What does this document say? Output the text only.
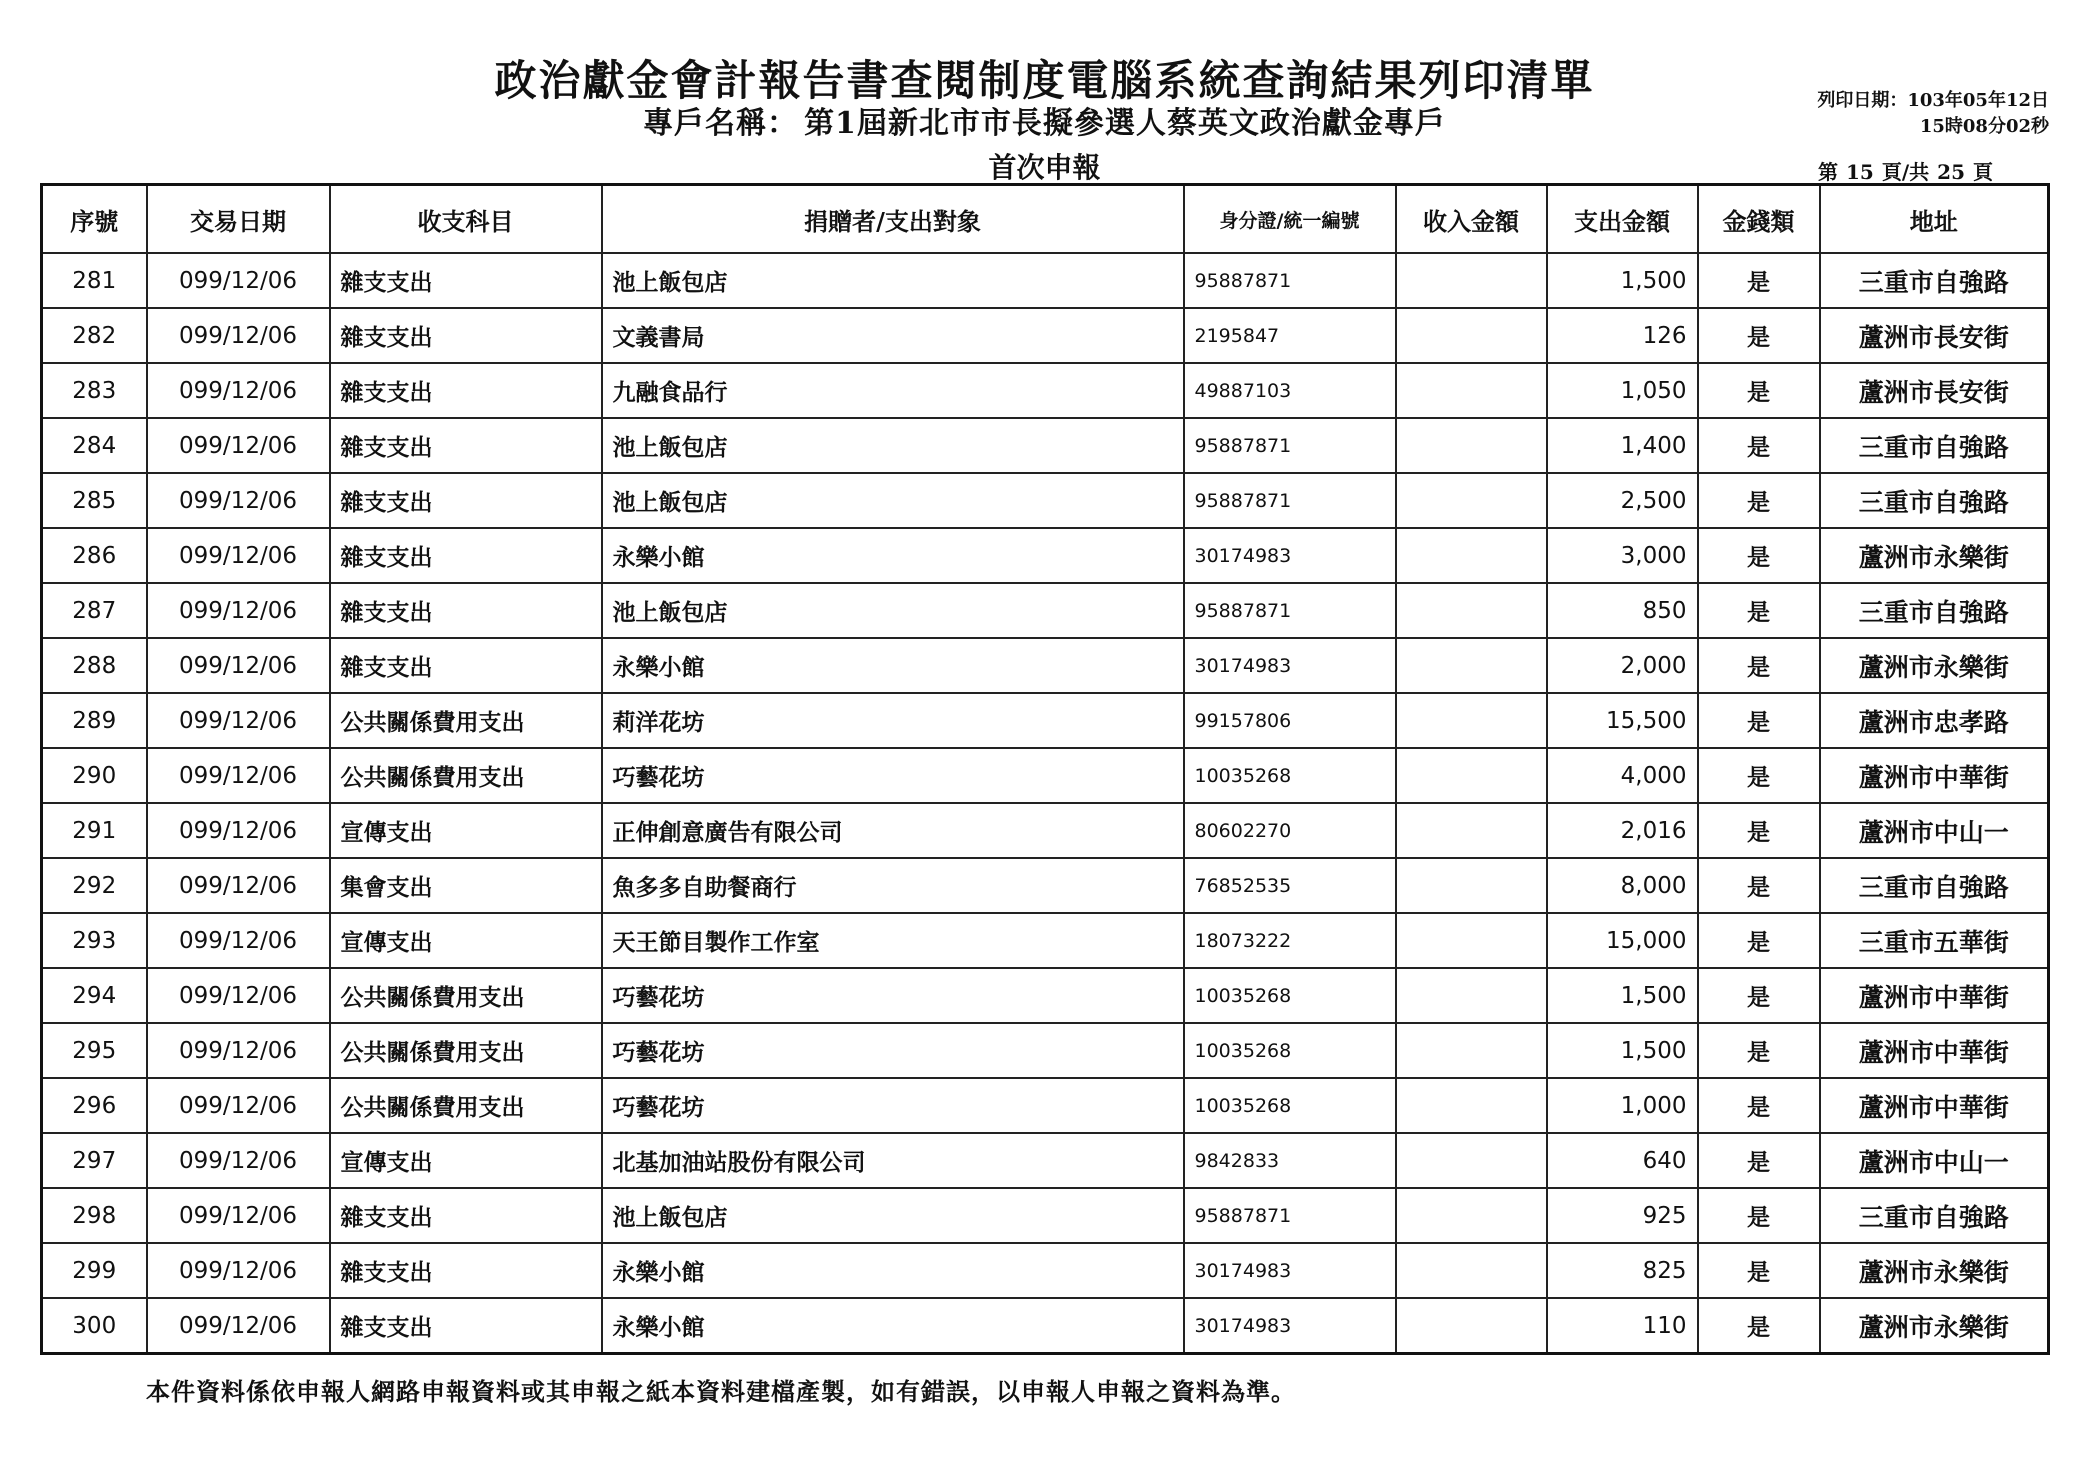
政治獻金會計報告書查閱制度電腦系統查詢結果列印清單
專戶名稱： 第1屆新北市市長擬參選人蔡英文政治獻金專戶
首次申報
列印日期：103年05年12日
15時08分02秒
第 15 頁/共 25 頁
序號	交易日期	收支科目	捐贈者/支出對象	身分證/統一編號	收入金額	支出金額	金錢類	地址
281	099/12/06	雜支支出	池上飯包店	95887871		1,500	是	三重市自強路
282	099/12/06	雜支支出	文義書局	2195847		126	是	蘆洲市長安街
283	099/12/06	雜支支出	九融食品行	49887103		1,050	是	蘆洲市長安街
284	099/12/06	雜支支出	池上飯包店	95887871		1,400	是	三重市自強路
285	099/12/06	雜支支出	池上飯包店	95887871		2,500	是	三重市自強路
286	099/12/06	雜支支出	永樂小館	30174983		3,000	是	蘆洲市永樂街
287	099/12/06	雜支支出	池上飯包店	95887871		850	是	三重市自強路
288	099/12/06	雜支支出	永樂小館	30174983		2,000	是	蘆洲市永樂街
289	099/12/06	公共關係費用支出	莉洋花坊	99157806		15,500	是	蘆洲市忠孝路
290	099/12/06	公共關係費用支出	巧藝花坊	10035268		4,000	是	蘆洲市中華街
291	099/12/06	宣傳支出	正伸創意廣告有限公司	80602270		2,016	是	蘆洲市中山一
292	099/12/06	集會支出	魚多多自助餐商行	76852535		8,000	是	三重市自強路
293	099/12/06	宣傳支出	天王節目製作工作室	18073222		15,000	是	三重市五華街
294	099/12/06	公共關係費用支出	巧藝花坊	10035268		1,500	是	蘆洲市中華街
295	099/12/06	公共關係費用支出	巧藝花坊	10035268		1,500	是	蘆洲市中華街
296	099/12/06	公共關係費用支出	巧藝花坊	10035268		1,000	是	蘆洲市中華街
297	099/12/06	宣傳支出	北基加油站股份有限公司	9842833		640	是	蘆洲市中山一
298	099/12/06	雜支支出	池上飯包店	95887871		925	是	三重市自強路
299	099/12/06	雜支支出	永樂小館	30174983		825	是	蘆洲市永樂街
300	099/12/06	雜支支出	永樂小館	30174983		110	是	蘆洲市永樂街
本件資料係依申報人網路申報資料或其申報之紙本資料建檔產製，如有錯誤，以申報人申報之資料為準。
